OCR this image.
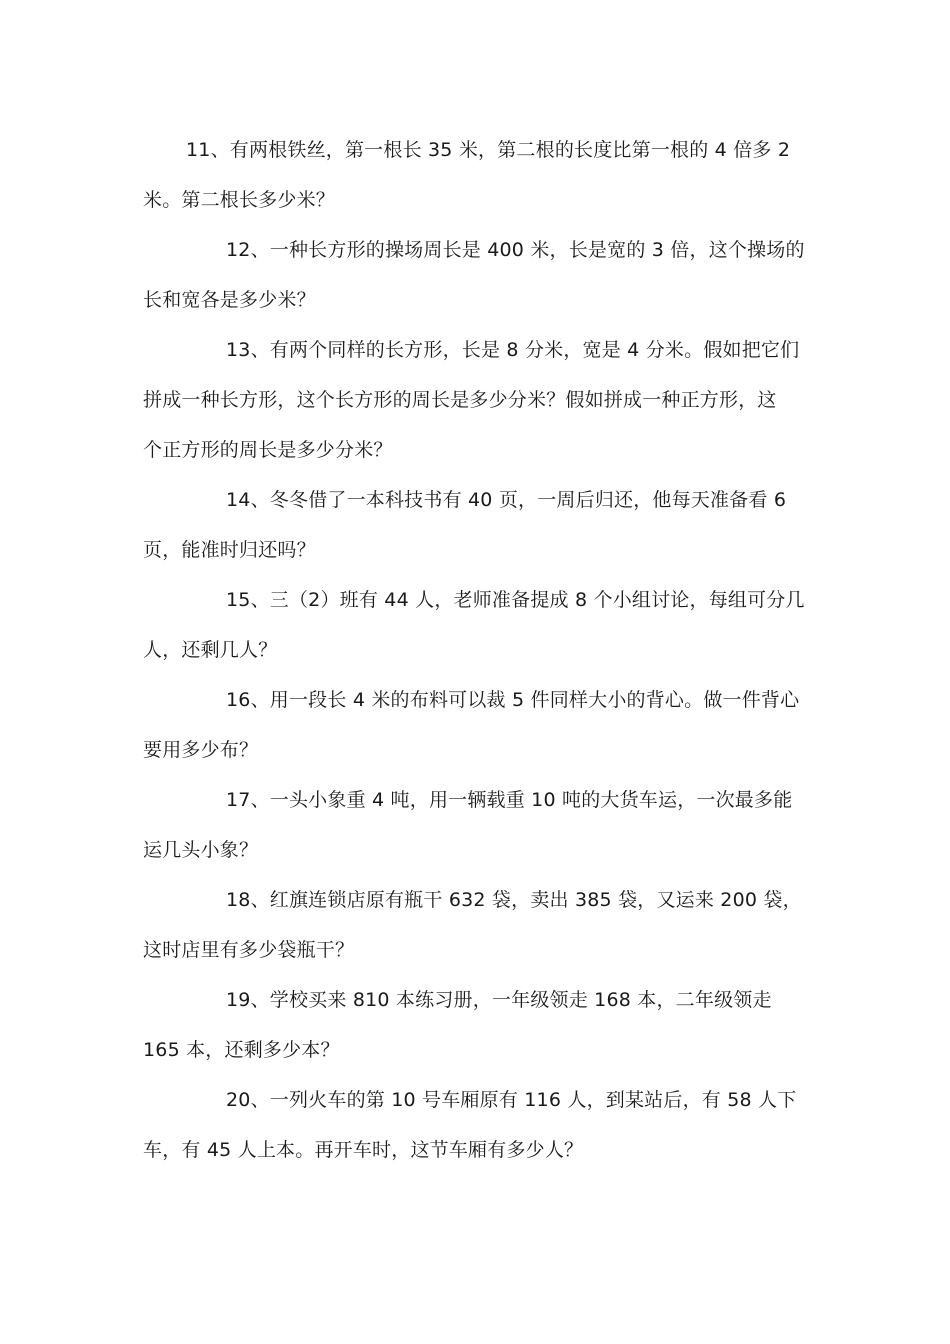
11、有两根铁丝，第一根长 35 米，第二根的长度比第一根的 4 倍多 2
米。第二根长多少米？
12、一种长方形的操场周长是 400 米，长是宽的 3 倍，这个操场的
长和宽各是多少米？
13、有两个同样的长方形，长是 8 分米，宽是 4 分米。假如把它们
拼成一种长方形，这个长方形的周长是多少分米？假如拼成一种正方形，这
个正方形的周长是多少分米？
14、冬冬借了一本科技书有 40 页，一周后归还，他每天准备看 6
页，能准时归还吗？
15、三（2）班有 44 人，老师准备提成 8 个小组讨论，每组可分几
人，还剩几人？
16、用一段长 4 米的布料可以裁 5 件同样大小的背心。做一件背心
要用多少布？
17、一头小象重 4 吨，用一辆载重 10 吨的大货车运，一次最多能
运几头小象？
18、红旗连锁店原有瓶干 632 袋，卖出 385 袋，又运来 200 袋，
这时店里有多少袋瓶干？
19、学校买来 810 本练习册，一年级领走 168 本，二年级领走
165 本，还剩多少本？
20、一列火车的第 10 号车厢原有 116 人，到某站后，有 58 人下
车，有 45 人上本。再开车时，这节车厢有多少人？
